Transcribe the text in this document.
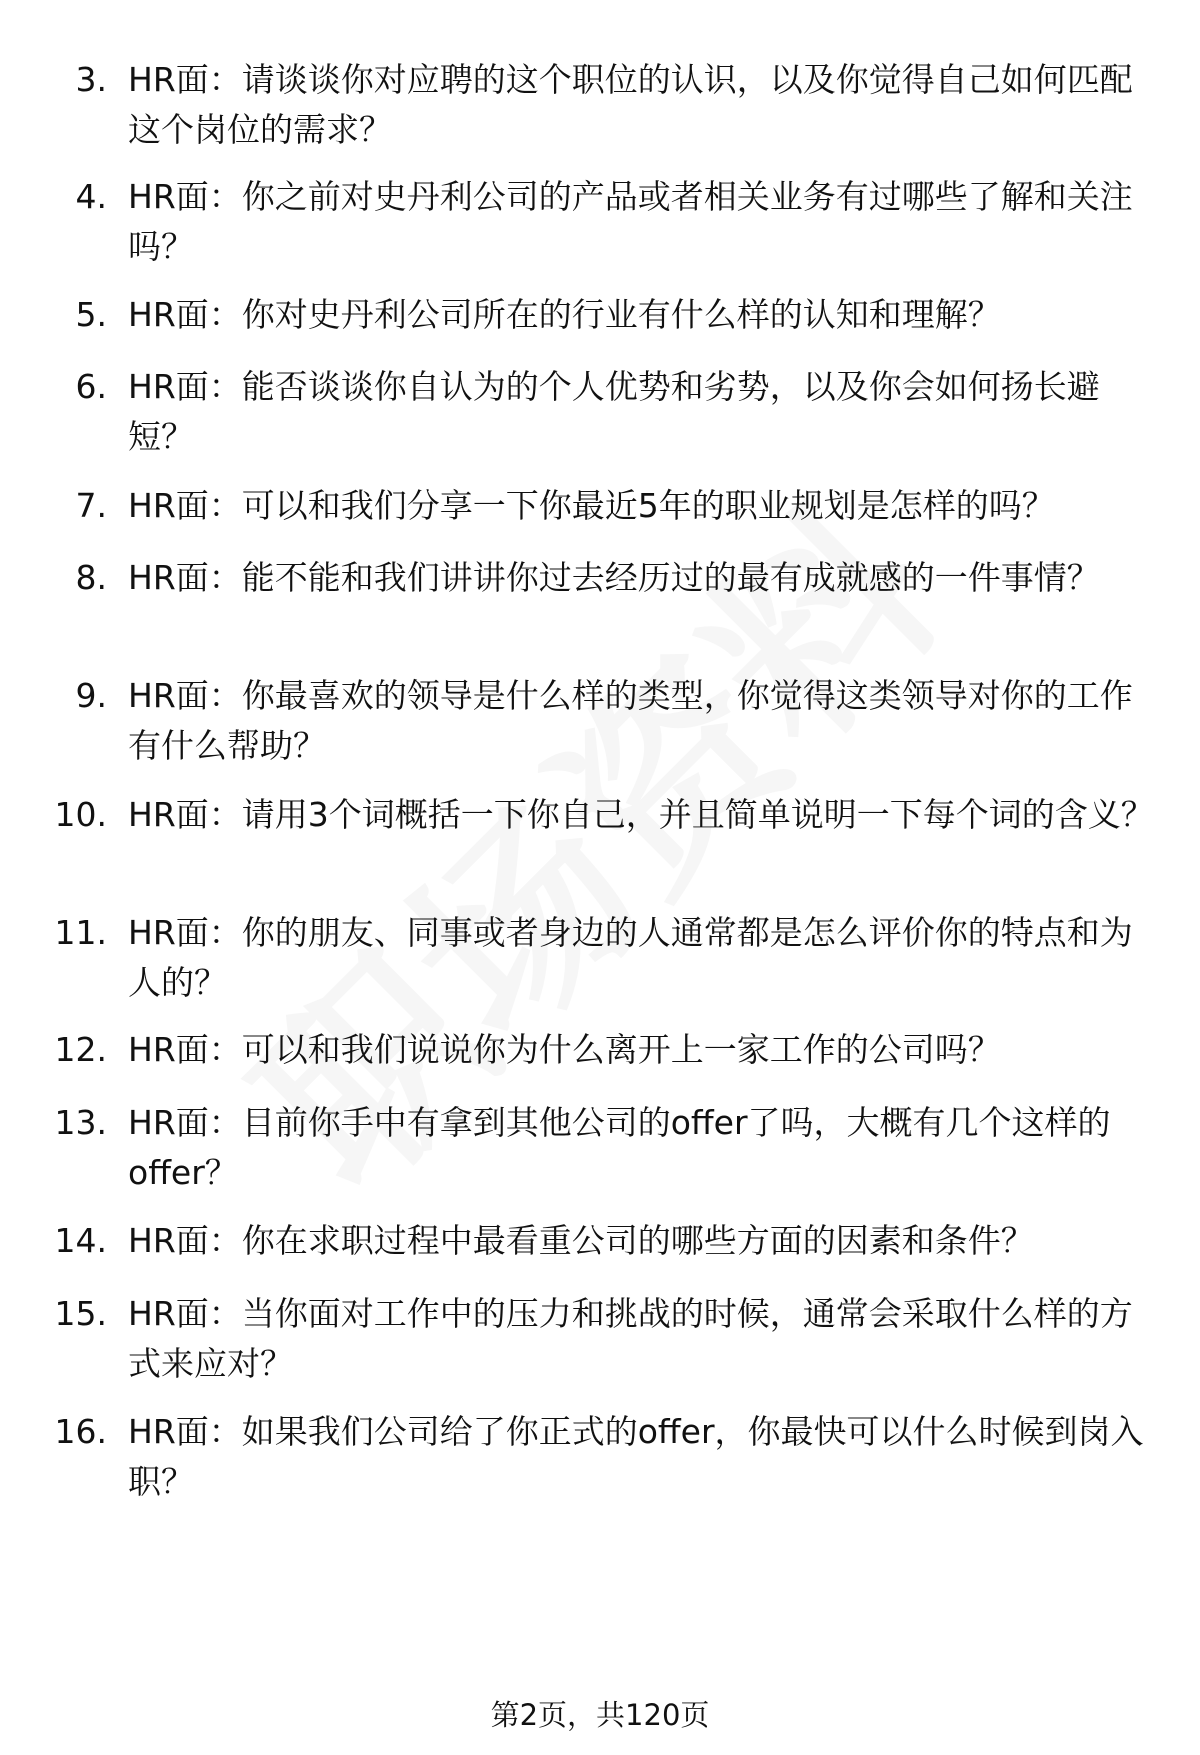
3. HR面：请谈谈你对应聘的这个职位的认识，以及你觉得自己如何匹配这个岗位的需求？
4. HR面：你之前对史丹利公司的产品或者相关业务有过哪些了解和关注吗？
5. HR面：你对史丹利公司所在的行业有什么样的认知和理解？
6. HR面：能否谈谈你自认为的个人优势和劣势，以及你会如何扬长避短？
7. HR面：可以和我们分享一下你最近5年的职业规划是怎样的吗？
8. HR面：能不能和我们讲讲你过去经历过的最有成就感的一件事情？
9. HR面：你最喜欢的领导是什么样的类型，你觉得这类领导对你的工作有什么帮助？
10. HR面：请用3个词概括一下你自己，并且简单说明一下每个词的含义？
11. HR面：你的朋友、同事或者身边的人通常都是怎么评价你的特点和为人的？
12. HR面：可以和我们说说你为什么离开上一家工作的公司吗？
13. HR面：目前你手中有拿到其他公司的offer了吗，大概有几个这样的offer？
14. HR面：你在求职过程中最看重公司的哪些方面的因素和条件？
15. HR面：当你面对工作中的压力和挑战的时候，通常会采取什么样的方式来应对？
16. HR面：如果我们公司给了你正式的offer，你最快可以什么时候到岗入职？
第2页，共120页
